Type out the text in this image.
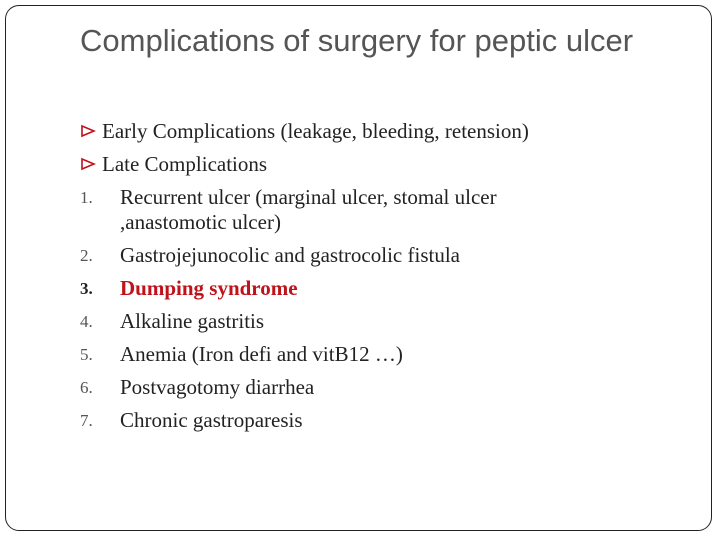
Complications of surgery for peptic ulcer
Early Complications (leakage, bleeding, retension)
Late Complications
1.	Recurrent ulcer (marginal ulcer, stomal ulcer ,anastomotic ulcer)
2.	Gastrojejunocolic and gastrocolic fistula
3.	Dumping syndrome
4.	Alkaline gastritis
5.	Anemia (Iron defi and vitB12 …)
6.	Postvagotomy diarrhea
7.	Chronic gastroparesis
